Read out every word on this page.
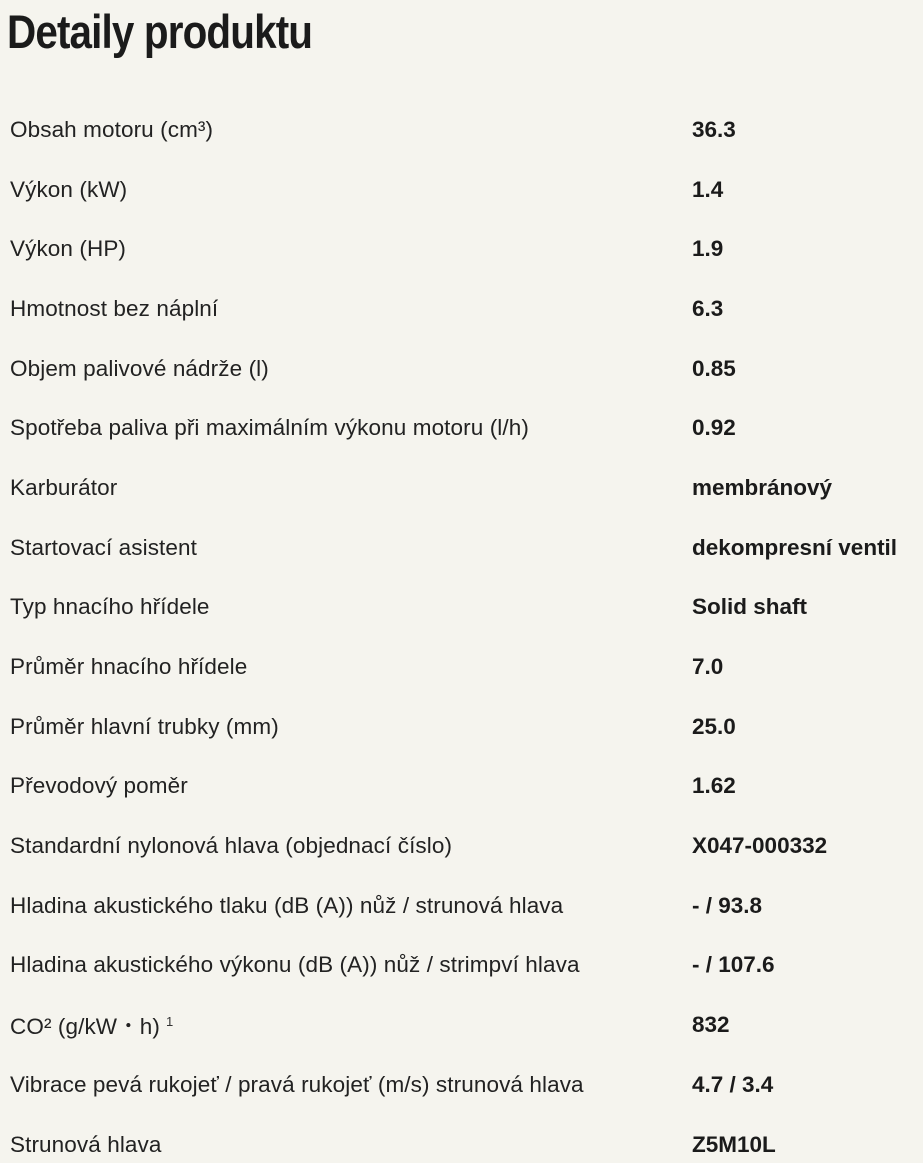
Detaily produktu
Obsah motoru (cm³)	36.3
Výkon (kW)	1.4
Výkon (HP)	1.9
Hmotnost bez náplní	6.3
Objem palivové nádrže (l)	0.85
Spotřeba paliva při maximálním výkonu motoru (l/h)	0.92
Karburátor	membránový
Startovací asistent	dekompresní ventil
Typ hnacího hřídele	Solid shaft
Průměr hnacího hřídele	7.0
Průměr hlavní trubky (mm)	25.0
Převodový poměr	1.62
Standardní nylonová hlava (objednací číslo)	X047-000332
Hladina akustického tlaku (dB (A)) nůž / strunová hlava	- / 93.8
Hladina akustického výkonu (dB (A)) nůž / strimpví hlava	- / 107.6
CO² (g/kW・h) $^1$	832
Vibrace pevá rukojeť / pravá rukojeť (m/s) strunová hlava	4.7 / 3.4
Strunová hlava	Z5M10L
